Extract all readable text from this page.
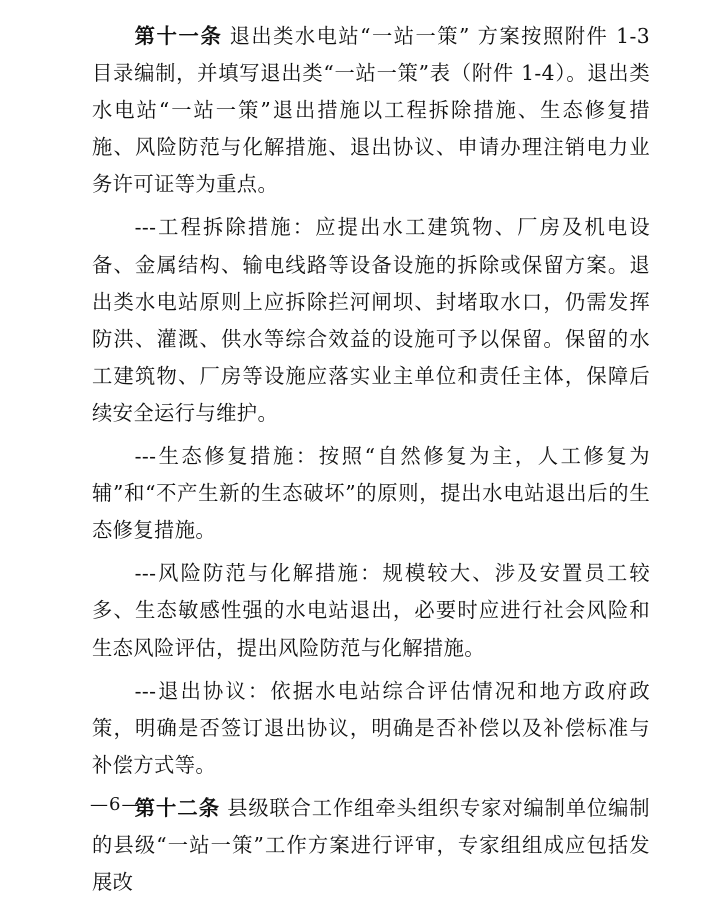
第十一条 退出类水电站“一站一策” 方案按照附件 1-3 目录编制，并填写退出类“一站一策”表（附件 1-4）。退出类水电站“一站一策”退出措施以工程拆除措施、生态修复措施、风险防范与化解措施、退出协议、申请办理注销电力业务许可证等为重点。

---工程拆除措施：应提出水工建筑物、厂房及机电设备、金属结构、输电线路等设备设施的拆除或保留方案。退出类水电站原则上应拆除拦河闸坝、封堵取水口，仍需发挥防洪、灌溉、供水等综合效益的设施可予以保留。保留的水工建筑物、厂房等设施应落实业主单位和责任主体，保障后续安全运行与维护。

---生态修复措施：按照“自然修复为主，人工修复为辅”和“不产生新的生态破坏”的原则，提出水电站退出后的生态修复措施。

---风险防范与化解措施：规模较大、涉及安置员工较多、生态敏感性强的水电站退出，必要时应进行社会风险和生态风险评估，提出风险防范与化解措施。

---退出协议：依据水电站综合评估情况和地方政府政策，明确是否签订退出协议，明确是否补偿以及补偿标准与补偿方式等。

第十二条 县级联合工作组牵头组织专家对编制单位编制的县级“一站一策”工作方案进行评审，专家组组成应包括发展改

—6—
